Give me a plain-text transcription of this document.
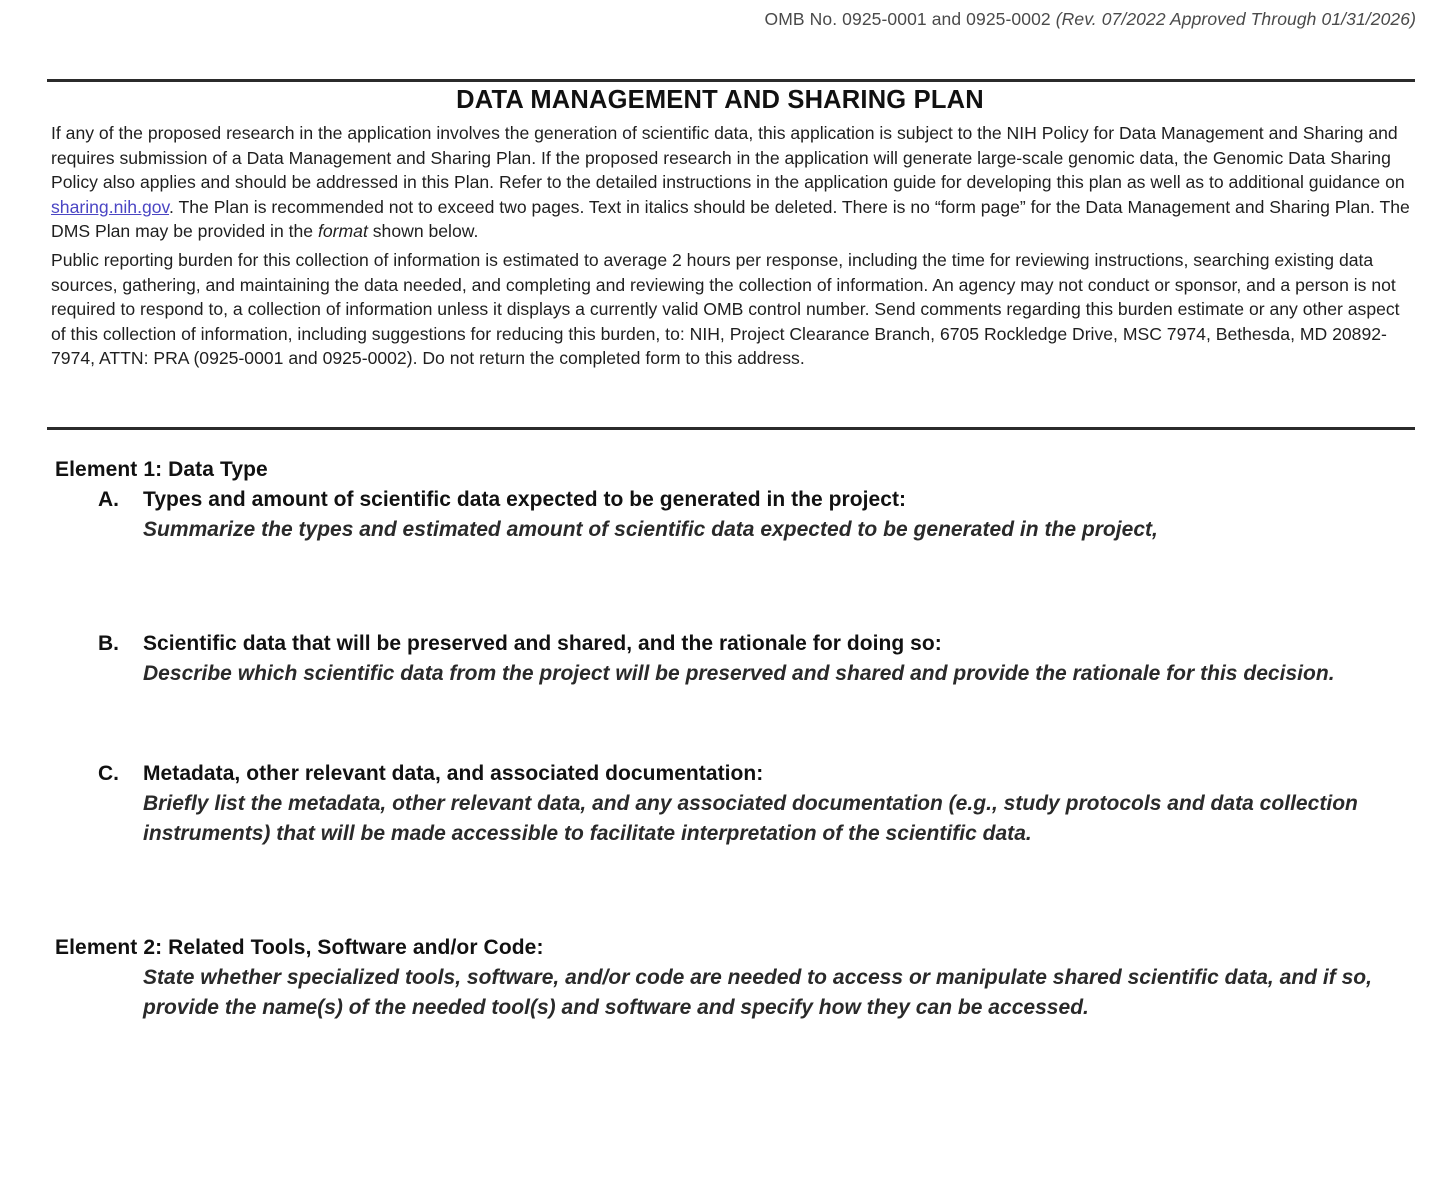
OMB No. 0925-0001 and 0925-0002 (Rev. 07/2022 Approved Through 01/31/2026)
DATA MANAGEMENT AND SHARING PLAN

If any of the proposed research in the application involves the generation of scientific data, this application is subject to the NIH Policy for Data Management and Sharing and requires submission of a Data Management and Sharing Plan. If the proposed research in the application will generate large-scale genomic data, the Genomic Data Sharing Policy also applies and should be addressed in this Plan. Refer to the detailed instructions in the application guide for developing this plan as well as to additional guidance on sharing.nih.gov. The Plan is recommended not to exceed two pages. Text in italics should be deleted. There is no “form page” for the Data Management and Sharing Plan. The DMS Plan may be provided in the format shown below.

Public reporting burden for this collection of information is estimated to average 2 hours per response, including the time for reviewing instructions, searching existing data sources, gathering, and maintaining the data needed, and completing and reviewing the collection of information. An agency may not conduct or sponsor, and a person is not required to respond to, a collection of information unless it displays a currently valid OMB control number. Send comments regarding this burden estimate or any other aspect of this collection of information, including suggestions for reducing this burden, to: NIH, Project Clearance Branch, 6705 Rockledge Drive, MSC 7974, Bethesda, MD 20892-7974, ATTN: PRA (0925-0001 and 0925-0002). Do not return the completed form to this address.

Element 1: Data Type
A. Types and amount of scientific data expected to be generated in the project:
Summarize the types and estimated amount of scientific data expected to be generated in the project,
B. Scientific data that will be preserved and shared, and the rationale for doing so:
Describe which scientific data from the project will be preserved and shared and provide the rationale for this decision.
C. Metadata, other relevant data, and associated documentation:
Briefly list the metadata, other relevant data, and any associated documentation (e.g., study protocols and data collection instruments) that will be made accessible to facilitate interpretation of the scientific data.
Element 2: Related Tools, Software and/or Code:
State whether specialized tools, software, and/or code are needed to access or manipulate shared scientific data, and if so, provide the name(s) of the needed tool(s) and software and specify how they can be accessed.
